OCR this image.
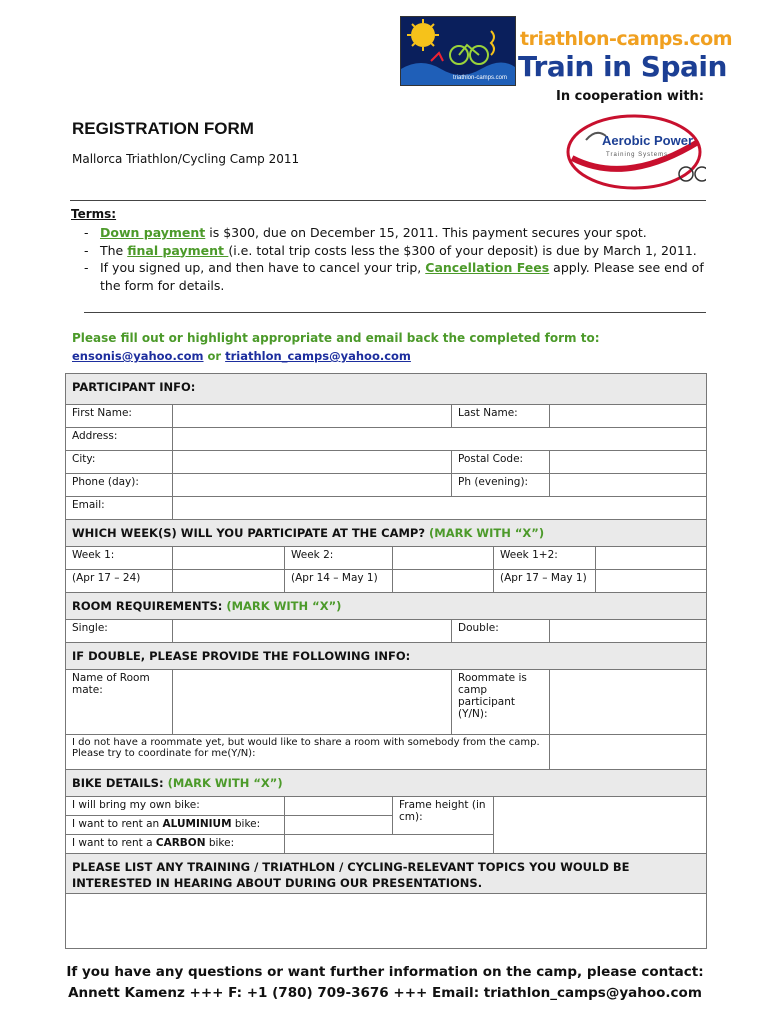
triathlon-camps.com
triathlon-camps.com
Train in Spain
In cooperation with:
Aerobic Power
Training Systems
REGISTRATION FORM
Mallorca Triathlon/Cycling Camp 2011
Terms:
- Down payment is $300, due on December 15, 2011. This payment secures your spot.
- The final payment (i.e. total trip costs less the $300 of your deposit) is due by March 1, 2011.
- If you signed up, and then have to cancel your trip, Cancellation Fees apply. Please see end of the form for details.
Please fill out or highlight appropriate and email back the completed form to:
ensonis@yahoo.com or triathlon_camps@yahoo.com
PARTICIPANT INFO:							
First Name:				Last Name:			
Address:							
City:				Postal Code:			
Phone (day):				Ph (evening):			
Email:							
WHICH WEEK(S) WILL YOU PARTICIPATE AT THE CAMP? (MARK WITH “X”)							
Week 1:		Week 2:			Week 1+2:		
(Apr 17 – 24)		(Apr 14 – May 1)			(Apr 17 – May 1)		
ROOM REQUIREMENTS: (MARK WITH “X”)							
Single:				Double:			
IF DOUBLE, PLEASE PROVIDE THE FOLLOWING INFO:							
Name of Room mate:				Roommate is camp participant (Y/N):			
I do not have a roommate yet, but would like to share a room with somebody from the camp. Please try to coordinate for me(Y/N):							
BIKE DETAILS: (MARK WITH “X”)							
I will bring my own bike:			Frame height (in cm):				
I want to rent an ALUMINIUM bike:							
I want to rent a CARBON bike:							
PLEASE LIST ANY TRAINING / TRIATHLON / CYCLING-RELEVANT TOPICS YOU WOULD BE INTERESTED IN HEARING ABOUT DURING OUR PRESENTATIONS.							

If you have any questions or want further information on the camp, please contact:
Annett Kamenz +++ F: +1 (780) 709-3676 +++ Email: triathlon_camps@yahoo.com
